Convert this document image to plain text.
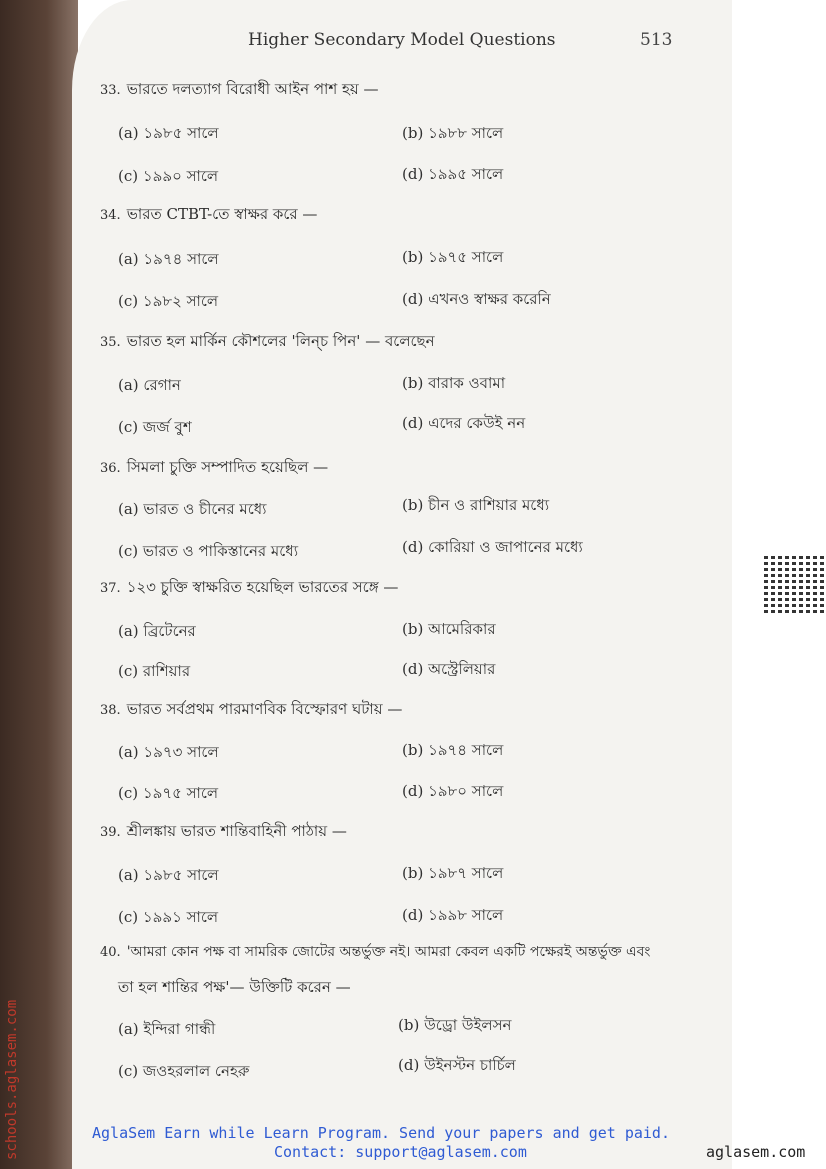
Higher Secondary Model Questions	513
33. ভারতে দলত্যাগ বিরোধী আইন পাশ হয় —
(a) ১৯৮৫ সালে	(b) ১৯৮৮ সালে
(c) ১৯৯০ সালে	(d) ১৯৯৫ সালে
34. ভারত CTBT-তে স্বাক্ষর করে —
(a) ১৯৭৪ সালে	(b) ১৯৭৫ সালে
(c) ১৯৮২ সালে	(d) এখনও স্বাক্ষর করেনি
35. ভারত হল মার্কিন কৌশলের 'লিন্চ পিন' — বলেছেন
(a) রেগান	(b) বারাক ওবামা
(c) জর্জ বুশ	(d) এদের কেউই নন
36. সিমলা চুক্তি সম্পাদিত হয়েছিল —
(a) ভারত ও চীনের মধ্যে	(b) চীন ও রাশিয়ার মধ্যে
(c) ভারত ও পাকিস্তানের মধ্যে	(d) কোরিয়া ও জাপানের মধ্যে
37. ১২৩ চুক্তি স্বাক্ষরিত হয়েছিল ভারতের সঙ্গে —
(a) ব্রিটেনের	(b) আমেরিকার
(c) রাশিয়ার	(d) অস্ট্রেলিয়ার
38. ভারত সর্বপ্রথম পারমাণবিক বিস্ফোরণ ঘটায় —
(a) ১৯৭৩ সালে	(b) ১৯৭৪ সালে
(c) ১৯৭৫ সালে	(d) ১৯৮০ সালে
39. শ্রীলঙ্কায় ভারত শান্তিবাহিনী পাঠায় —
(a) ১৯৮৫ সালে	(b) ১৯৮৭ সালে
(c) ১৯৯১ সালে	(d) ১৯৯৮ সালে
40. 'আমরা কোন পক্ষ বা সামরিক জোটের অন্তর্ভুক্ত নই। আমরা কেবল একটি পক্ষেরই অন্তর্ভুক্ত এবং
তা হল শান্তির পক্ষ'— উক্তিটি করেন —
(a) ইন্দিরা গান্ধী	(b) উড্রো উইলসন
(c) জওহরলাল নেহরু	(d) উইনস্টন চার্চিল
schools.aglasem.com	AglaSem Earn while Learn Program. Send your papers and get paid.
Contact: support@aglasem.com	aglasem.com
